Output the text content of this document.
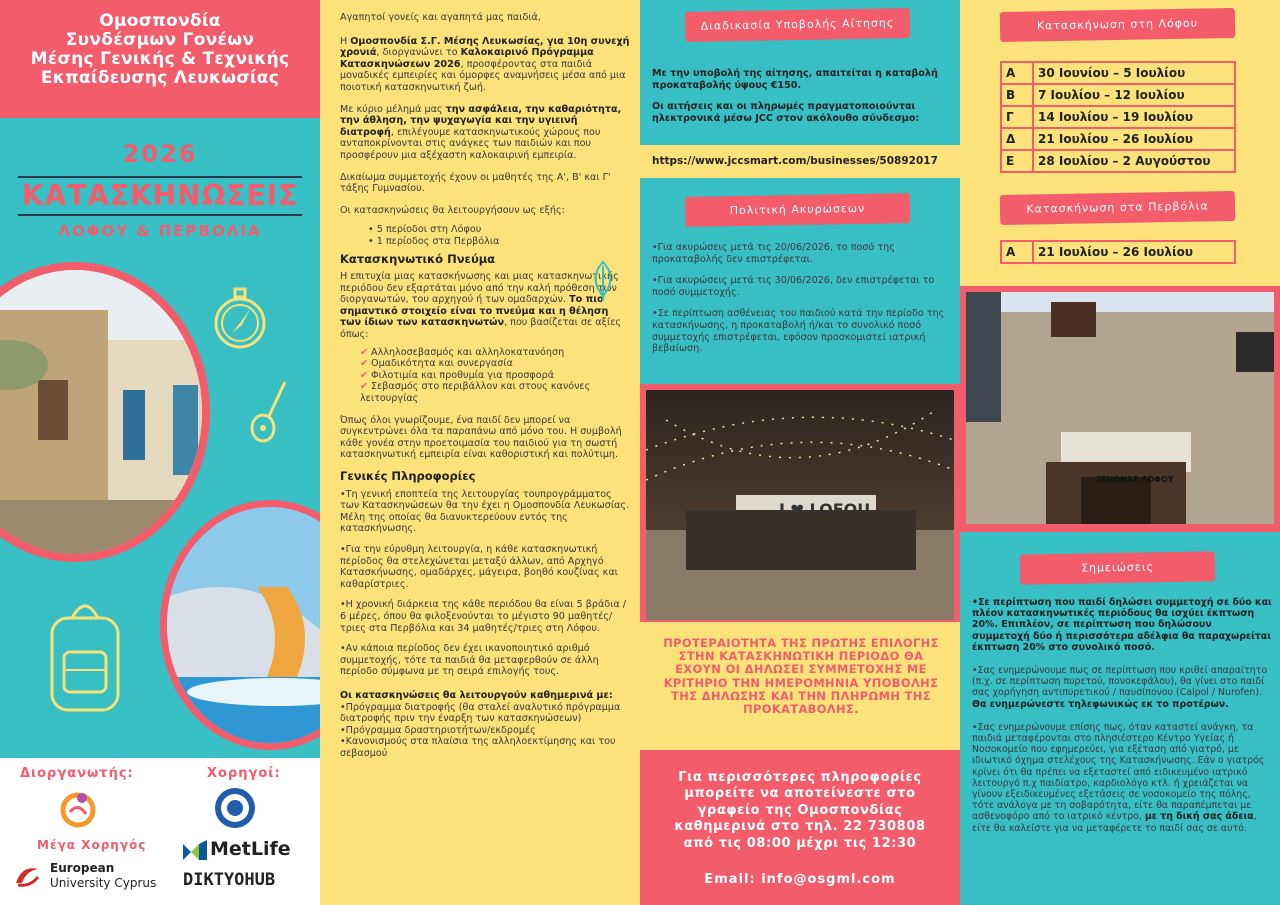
Ομοσπονδία
Συνδέσμων Γονέων
Μέσης Γενικής & Τεχνικής
Εκπαίδευσης Λευκωσίας
2026
ΚΑΤΑΣΚΗΝΩΣΕΙΣ
ΛΟΦΟΥ & ΠΕΡΒΟΛΙΑ
Διοργανωτής:	Χορηγοί:
Μέγα Χορηγός
European
University Cyprus
MetLife
DIKTYOHUB

Αγαπητοί γονείς και αγαπητά μας παιδιά,

Η Ομοσπονδία Σ.Γ. Μέσης Λευκωσίας, για 10η συνεχή χρονιά, διοργανώνει το Καλοκαιρινό Πρόγραμμα Κατασκηνώσεων 2026, προσφέροντας στα παιδιά μοναδικές εμπειρίες και όμορφες αναμνήσεις μέσα από μια ποιοτική κατασκηνωτική ζωή.

Με κύριο μέλημά μας την ασφάλεια, την καθαριότητα, την άθληση, την ψυχαγωγία και την υγιεινή διατροφή, επιλέγουμε κατασκηνωτικούς χώρους που ανταποκρίνονται στις ανάγκες των παιδιών και που προσφέρουν μια αξέχαστη καλοκαιρινή εμπειρία.

Δικαίωμα συμμετοχής έχουν οι μαθητές της Α', Β' και Γ' τάξης Γυμνασίου.

Οι κατασκηνώσεις θα λειτουργήσουν ως εξής:

• 5 περίοδοι στη Λόφου
• 1 περίοδος στα Περβόλια
Κατασκηνωτικό Πνεύμα

Η επιτυχία μιας κατασκήνωσης και μιας κατασκηνωτικής περιόδου δεν εξαρτάται μόνο από την καλή πρόθεση των διοργανωτών, του αρχηγού ή των ομαδαρχών. Το πιο σημαντικό στοιχείο είναι το πνεύμα και η θέληση των ίδιων των κατασκηνωτών, που βασίζεται σε αξίες όπως:

✔ Αλληλοσεβασμός και αλληλοκατανόηση
✔ Ομαδικότητα και συνεργασία
✔ Φιλοτιμία και προθυμία για προσφορά
✔ Σεβασμός στο περιβάλλον και στους κανόνες λειτουργίας

Όπως όλοι γνωρίζουμε, ένα παιδί δεν μπορεί να συγκεντρώνει όλα τα παραπάνω από μόνο του. Η συμβολή κάθε γονέα στην προετοιμασία του παιδιού για τη σωστή κατασκηνωτική εμπειρία είναι καθοριστική και πολύτιμη.

Γενικές Πληροφορίες

•Τη γενική εποπτεία της λειτουργίας τουπρογράμματος των Κατασκηνώσεων θα την έχει η Ομοσπονδία Λευκωσίας. Μέλη της οποίας θα διανυκτερεύουν εντός της κατασκήνωσης.

•Για την εύρυθμη λειτουργία, η κάθε κατασκηνωτική περίοδος θα στελεχώνεται μεταξύ άλλων, από Αρχηγό Κατασκήνωσης, ομαδάρχες, μάγειρα, βοηθό κουζίνας και καθαρίστριες.

•Η χρονική διάρκεια της κάθε περιόδου θα είναι 5 βράδια / 6 μέρες, όπου θα φιλοξενούνται το μέγιστο 90 μαθητές/τριες στα Περβόλια και 34 μαθητές/τριες στη Λόφου.

•Αν κάποια περίοδος δεν έχει ικανοποιητικό αριθμό συμμετοχής, τότε τα παιδιά θα μεταφερθούν σε άλλη περίοδο σύμφωνα με τη σειρά επιλογής τους.

Οι κατασκηνώσεις θα λειτουργούν καθημερινά με:

•Πρόγραμμα διατροφής (θα σταλεί αναλυτικό πρόγραμμα διατροφής πριν την έναρξη των κατασκηνώσεων)

•Πρόγραμμα δραστηριοτήτων/εκδρομές

•Κανονισμούς στα πλαίσια της αλληλοεκτίμησης και του σεβασμού

Διαδικασία Υποβολής Αίτησης

Με την υποβολή της αίτησης, απαιτείται η καταβολή προκαταβολής ύψους €150.

Οι αιτήσεις και οι πληρωμές πραγματοποιούνται ηλεκτρονικά μέσω JCC στον ακόλουθο σύνδεσμο:

https://www.jccsmart.com/businesses/50892017
Πολιτική Ακυρώσεων

•Για ακυρώσεις μετά τις 20/06/2026, το ποσό της προκαταβολής δεν επιστρέφεται.

•Για ακυρώσεις μετά τις 30/06/2026, δεν επιστρέφεται το ποσό συμμετοχής.

•Σε περίπτωση ασθένειας του παιδιού κατά την περίοδο της κατασκήνωσης, η προκαταβολή ή/και το συνολικό ποσό συμμετοχής επιστρέφεται, εφόσον προσκομιστεί ιατρική βεβαίωση.

I ❤ LOFOU
ΠΡΟΤΕΡΑΙΟΤΗΤΑ ΤΗΣ ΠΡΩΤΗΣ ΕΠΙΛΟΓΗΣ ΣΤΗΝ ΚΑΤΑΣΚΗΝΩΤΙΚΗ ΠΕΡΙΟΔΟ ΘΑ ΕΧΟΥΝ ΟΙ ΔΗΛΩΣΕΙ ΣΥΜΜΕΤΟΧΗΣ ΜΕ ΚΡΙΤΗΡΙΟ ΤΗΝ ΗΜΕΡΟΜΗΝΙΑ ΥΠΟΒΟΛΗΣ ΤΗΣ ΔΗΛΩΣΗΣ ΚΑΙ ΤΗΝ ΠΛΗΡΩΜΗ ΤΗΣ ΠΡΟΚΑΤΑΒΟΛΗΣ.
Για περισσότερες πληροφορίες
μπορείτε να αποτείνεστε στο
γραφείο της Ομοσπονδίας
καθημερινά στο τηλ. 22 730808
από τις 08:00 μέχρι τις 12:30
Email: info@osgml.com
Κατασκήνωση στη Λόφου
Α	30 Ιουνίου – 5 Ιουλίου
Β	7 Ιουλίου – 12 Ιουλίου
Γ	14 Ιουλίου – 19 Ιουλίου
Δ	21 Ιουλίου – 26 Ιουλίου
Ε	28 Ιουλίου – 2 Αυγούστου
Κατασκήνωση στα Περβόλια
Α	21 Ιουλίου – 26 Ιουλίου
ΞΕΝΩΝΑΣ ΛΟΦΟΥ
Σημειώσεις

•Σε περίπτωση που παιδί δηλώσει συμμετοχή σε δύο και πλέον κατασκηνωτικές περιόδους θα ισχύει έκπτωση 20%. Επιπλέον, σε περίπτωση που δηλώσουν συμμετοχή δύο ή περισσότερα αδέλφια θα παραχωρείται έκπτωση 20% στο συνολικό ποσό.

•Σας ενημερώνουμε πως σε περίπτωση που κριθεί απαραίτητο (π.χ. σε περίπτωση πυρετού, πονοκεφάλου), θα γίνει στο παιδί σας χορήγηση αντιπυρετικού / παυσίπονου (Calpol / Nurofen). Θα ενημερώνεστε τηλεφωνικώς εκ το προτέρων.

•Σας ενημερώνουμε επίσης πως, όταν καταστεί ανάγκη, τα παιδιά μεταφέρονται στο πλησιέστερο Κέντρο Υγείας ή Νοσοκομείο που εφημερεύει, για εξέταση από γιατρό, με ιδιωτικό όχημα στελέχους της Κατασκήνωσης. Εάν ο γιατρός κρίνει ότι θα πρέπει να εξεταστεί από ειδικευμένο ιατρικό λειτουργό π.χ παιδίατρο, καρδιολόγο κτλ. ή χρειάζεται να γίνουν εξειδικευμένες εξετάσεις σε νοσοκομείο της πόλης, τότε ανάλογα με τη σοβαρότητα, είτε θα παραπέμπεται με ασθενοφόρο από το ιατρικό κέντρο, με τη δική σας άδεια, είτε θα καλείστε για να μεταφέρετε το παιδί σας σε αυτό.
